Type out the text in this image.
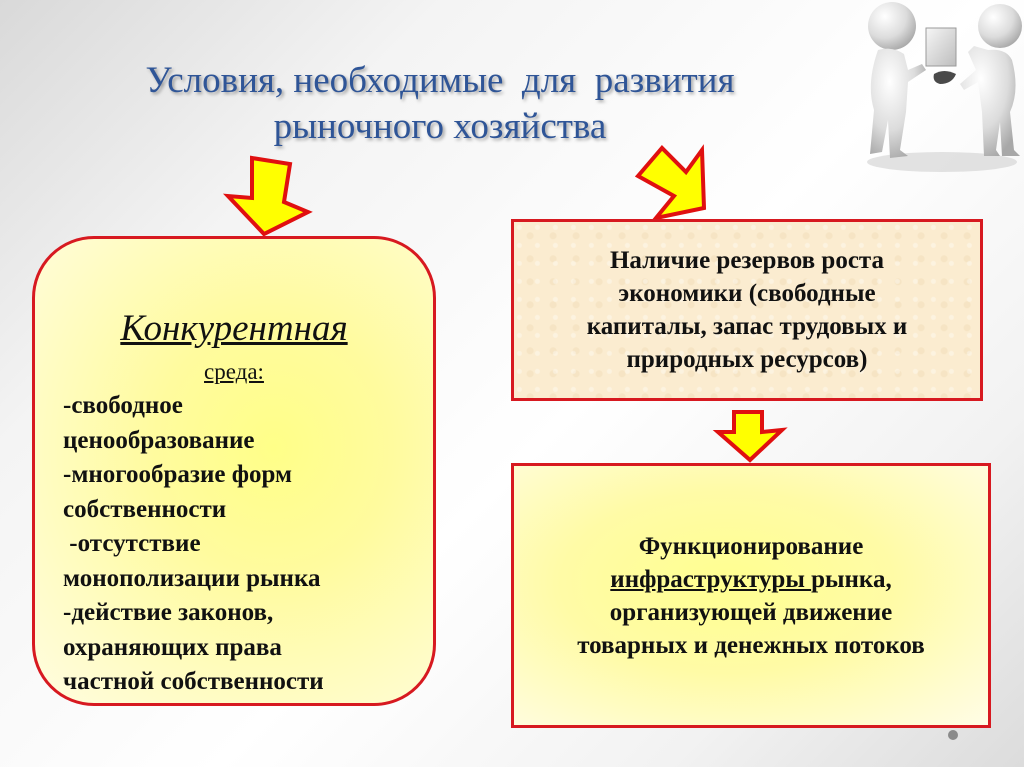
Условия, необходимые  для  развития
рыночного хозяйства
Конкурентная
среда:
-свободное
ценообразование
-многообразие форм
собственности
-отсутствие
монополизации рынка
-действие законов,
охраняющих права
частной собственности
Наличие резервов роста
экономики (свободные
капиталы, запас трудовых и
природных ресурсов)
Функционирование
инфраструктуры рынка,
организующей движение
товарных и денежных потоков
